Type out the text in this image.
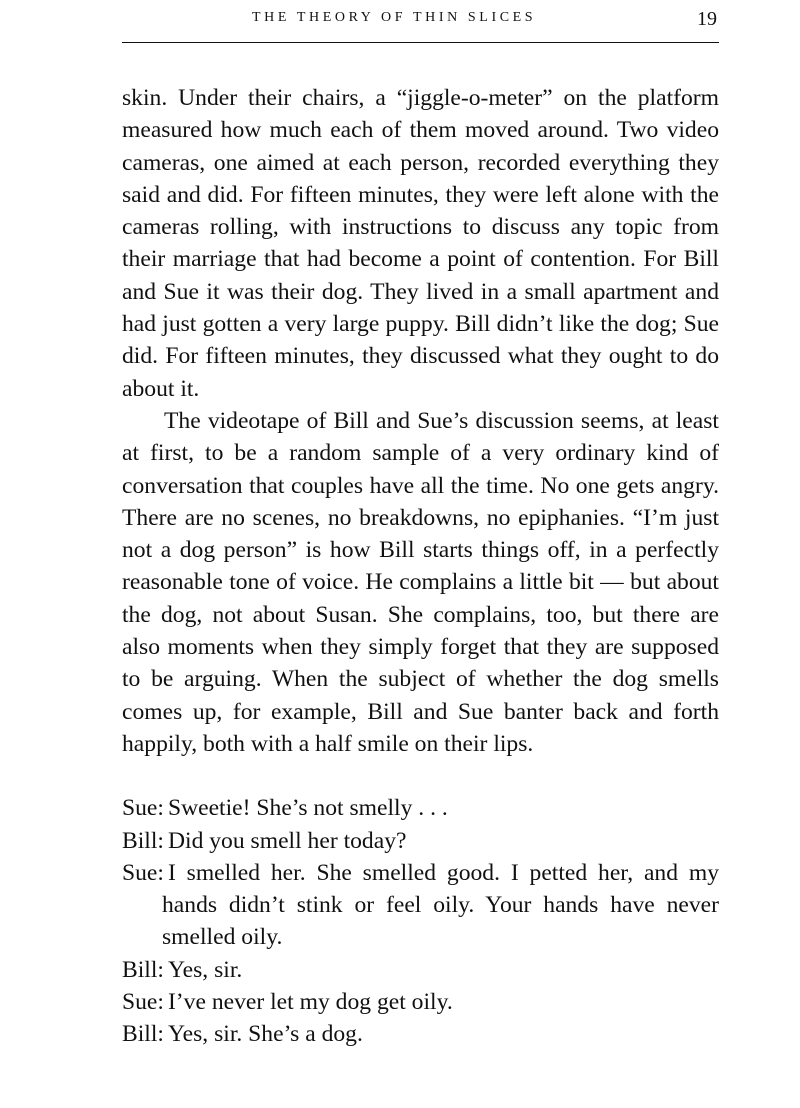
THE THEORY OF THIN SLICES	19

skin. Under their chairs, a “jiggle-o-meter” on the platform measured how much each of them moved around. Two video cameras, one aimed at each person, recorded everything they said and did. For fifteen minutes, they were left alone with the cameras rolling, with instructions to discuss any topic from their marriage that had become a point of contention. For Bill and Sue it was their dog. They lived in a small apartment and had just gotten a very large puppy. Bill didn’t like the dog; Sue did. For fifteen minutes, they discussed what they ought to do about it.

The videotape of Bill and Sue’s discussion seems, at least at first, to be a random sample of a very ordinary kind of conversation that couples have all the time. No one gets angry. There are no scenes, no breakdowns, no epiphanies. “I’m just not a dog person” is how Bill starts things off, in a perfectly reasonable tone of voice. He complains a little bit — but about the dog, not about Susan. She complains, too, but there are also moments when they simply forget that they are supposed to be arguing. When the subject of whether the dog smells comes up, for example, Bill and Sue banter back and forth happily, both with a half smile on their lips.

Sue: Sweetie! She’s not smelly . . .

Bill: Did you smell her today?

Sue: I smelled her. She smelled good. I petted her, and my hands didn’t stink or feel oily. Your hands have never smelled oily.

Bill: Yes, sir.

Sue: I’ve never let my dog get oily.

Bill: Yes, sir. She’s a dog.
